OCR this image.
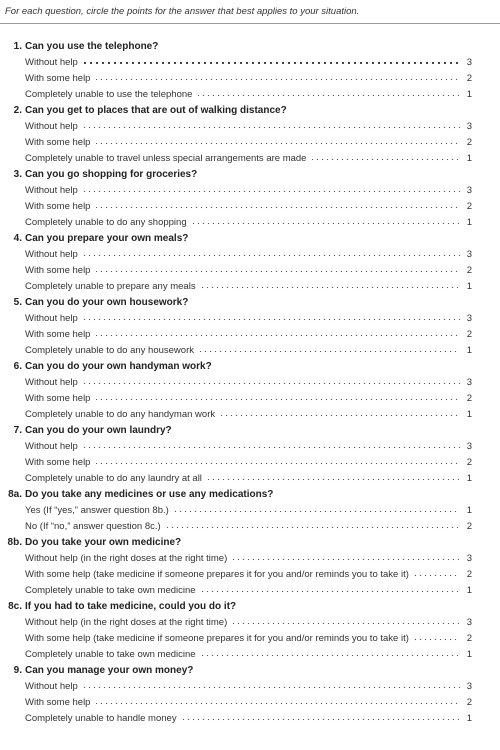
For each question, circle the points for the answer that best applies to your situation.
1. Can you use the telephone?
Without help	3
With some help	2
Completely unable to use the telephone	1
2. Can you get to places that are out of walking distance?
Without help	3
With some help	2
Completely unable to travel unless special arrangements are made	1
3. Can you go shopping for groceries?
Without help	3
With some help	2
Completely unable to do any shopping	1
4. Can you prepare your own meals?
Without help	3
With some help	2
Completely unable to prepare any meals	1
5. Can you do your own housework?
Without help	3
With some help	2
Completely unable to do any housework	1
6. Can you do your own handyman work?
Without help	3
With some help	2
Completely unable to do any handyman work	1
7. Can you do your own laundry?
Without help	3
With some help	2
Completely unable to do any laundry at all	1
8a. Do you take any medicines or use any medications?
Yes (If “yes,” answer question 8b.)	1
No (If “no,” answer question 8c.)	2
8b. Do you take your own medicine?
Without help (in the right doses at the right time)	3
With some help (take medicine if someone prepares it for you and/or reminds you to take it)	2
Completely unable to take own medicine	1
8c. If you had to take medicine, could you do it?
Without help (in the right doses at the right time)	3
With some help (take medicine if someone prepares it for you and/or reminds you to take it)	2
Completely unable to take own medicine	1
9. Can you manage your own money?
Without help	3
With some help	2
Completely unable to handle money	1
